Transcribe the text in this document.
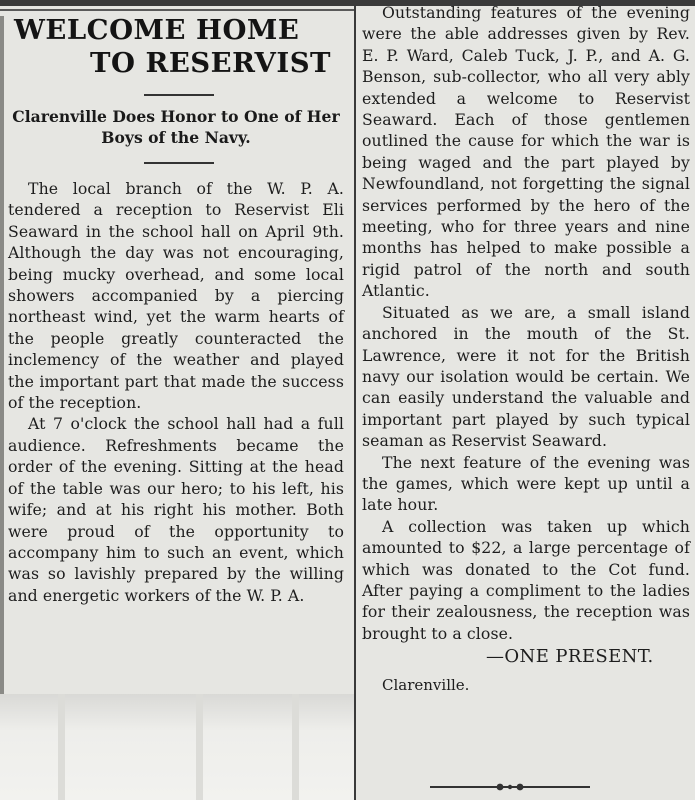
WELCOME HOME
TO RESERVIST
Clarenville Does Honor to One of Her Boys of the Navy.

The local branch of the W. P. A. tendered a reception to Reservist Eli Seaward in the school hall on April 9th. Although the day was not encouraging, being mucky overhead, and some local showers accompanied by a piercing northeast wind, yet the warm hearts of the people greatly counteracted the inclemency of the weather and played the important part that made the success of the reception.

At 7 o'clock the school hall had a full audience. Refreshments became the order of the evening. Sitting at the head of the table was our hero; to his left, his wife; and at his right his mother. Both were proud of the opportunity to accompany him to such an event, which was so lavishly prepared by the willing and energetic workers of the W. P. A.

Outstanding features of the evening were the able addresses given by Rev. E. P. Ward, Caleb Tuck, J. P., and A. G. Benson, sub-collector, who all very ably extended a welcome to Reservist Seaward. Each of those gentlemen outlined the cause for which the war is being waged and the part played by Newfoundland, not forgetting the signal services performed by the hero of the meeting, who for three years and nine months has helped to make possible a rigid patrol of the north and south Atlantic.

Situated as we are, a small island anchored in the mouth of the St. Lawrence, were it not for the British navy our isolation would be certain. We can easily understand the valuable and important part played by such typical seaman as Reservist Seaward.

The next feature of the evening was the games, which were kept up until a late hour.

A collection was taken up which amounted to $22, a large percentage of which was donated to the Cot fund. After paying a compliment to the ladies for their zealousness, the reception was brought to a close.

—ONE PRESENT.
Clarenville.
